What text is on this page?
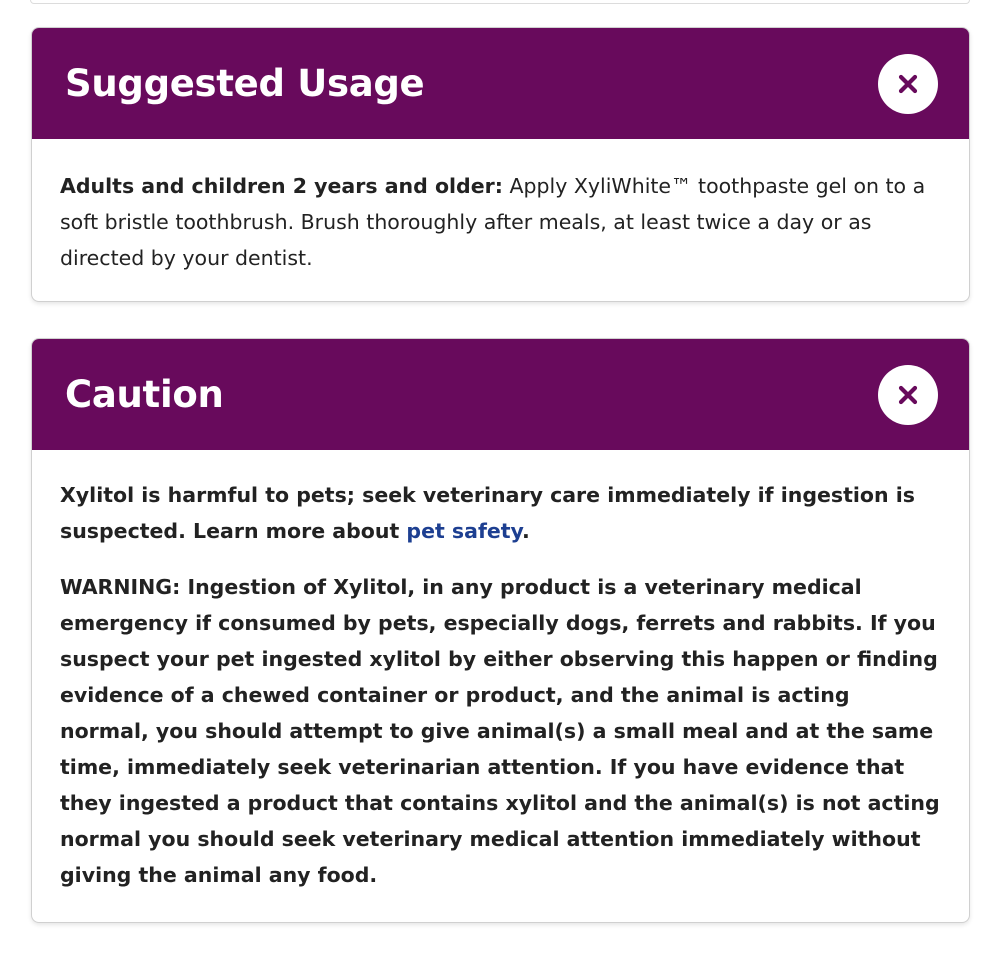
Suggested Usage

Adults and children 2 years and older: Apply XyliWhite™ toothpaste gel on to a soft bristle toothbrush. Brush thoroughly after meals, at least twice a day or as directed by your dentist.

Caution

Xylitol is harmful to pets; seek veterinary care immediately if ingestion is suspected. Learn more about pet safety.

WARNING: Ingestion of Xylitol, in any product is a veterinary medical emergency if consumed by pets, especially dogs, ferrets and rabbits. If you suspect your pet ingested xylitol by either observing this happen or finding evidence of a chewed container or product, and the animal is acting normal, you should attempt to give animal(s) a small meal and at the same time, immediately seek veterinarian attention. If you have evidence that they ingested a product that contains xylitol and the animal(s) is not acting normal you should seek veterinary medical attention immediately without giving the animal any food.
